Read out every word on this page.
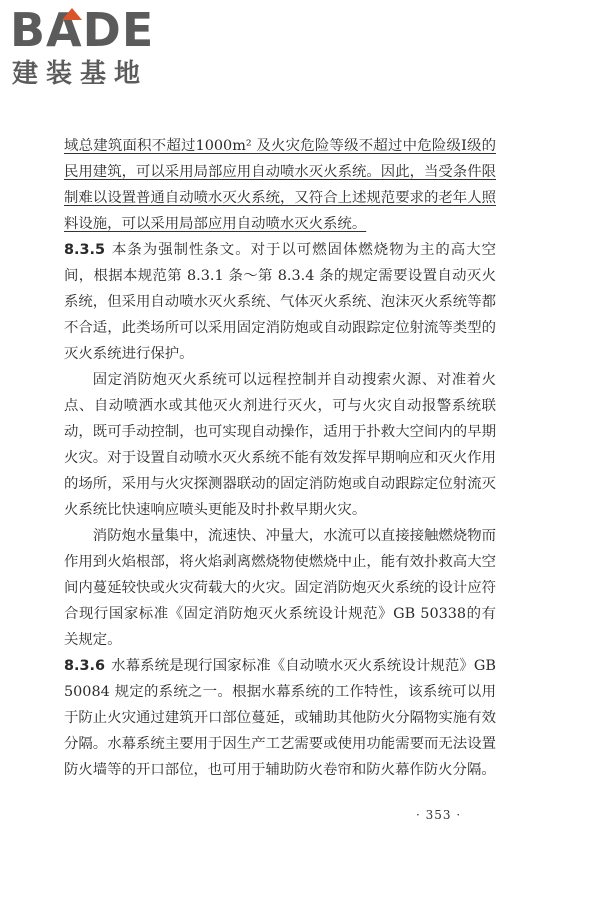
BADE
建装基地

域总建筑面积不超过1000m² 及火灾危险等级不超过中危险级Ⅰ级的民用建筑，可以采用局部应用自动喷水灭火系统。因此，当受条件限制难以设置普通自动喷水灭火系统，又符合上述规范要求的老年人照料设施，可以采用局部应用自动喷水灭火系统。

8.3.5 本条为强制性条文。对于以可燃固体燃烧物为主的高大空间，根据本规范第 8.3.1 条～第 8.3.4 条的规定需要设置自动灭火系统，但采用自动喷水灭火系统、气体灭火系统、泡沫灭火系统等都不合适，此类场所可以采用固定消防炮或自动跟踪定位射流等类型的灭火系统进行保护。

固定消防炮灭火系统可以远程控制并自动搜索火源、对准着火点、自动喷洒水或其他灭火剂进行灭火，可与火灾自动报警系统联动，既可手动控制，也可实现自动操作，适用于扑救大空间内的早期火灾。对于设置自动喷水灭火系统不能有效发挥早期响应和灭火作用的场所，采用与火灾探测器联动的固定消防炮或自动跟踪定位射流灭火系统比快速响应喷头更能及时扑救早期火灾。

消防炮水量集中，流速快、冲量大，水流可以直接接触燃烧物而作用到火焰根部，将火焰剥离燃烧物使燃烧中止，能有效扑救高大空间内蔓延较快或火灾荷载大的火灾。固定消防炮灭火系统的设计应符合现行国家标准《固定消防炮灭火系统设计规范》GB 50338的有关规定。

8.3.6 水幕系统是现行国家标准《自动喷水灭火系统设计规范》GB 50084 规定的系统之一。根据水幕系统的工作特性，该系统可以用于防止火灾通过建筑开口部位蔓延，或辅助其他防火分隔物实施有效分隔。水幕系统主要用于因生产工艺需要或使用功能需要而无法设置防火墙等的开口部位，也可用于辅助防火卷帘和防火幕作防火分隔。

· 353 ·
